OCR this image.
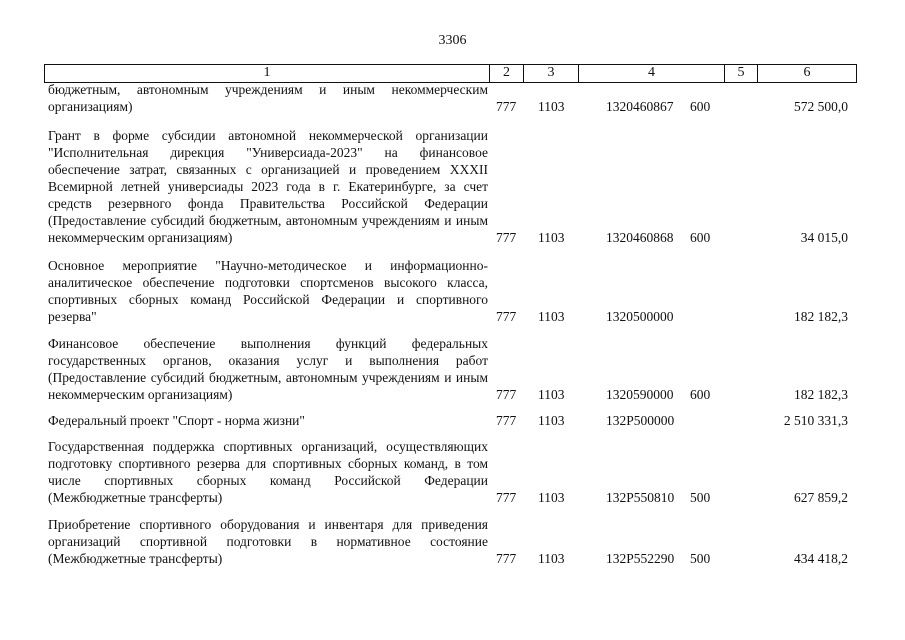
3306
1	2	3	4	5	6
бюджетным, автономным учреждениям и иным некоммерческим организациям)	777 1103	1320460867 600	572 500,0
Грант в форме субсидии автономной некоммерческой организации "Исполнительная дирекция "Универсиада-2023" на финансовое обеспечение затрат, связанных с организацией и проведением XXXII Всемирной летней универсиады 2023 года в г. Екатеринбурге, за счет средств резервного фонда Правительства Российской Федерации (Предоставление субсидий бюджетным, автономным учреждениям и иным некоммерческим организациям)	777 1103	1320460868 600	34 015,0
Основное мероприятие "Научно-методическое и информационно-аналитическое обеспечение подготовки спортсменов высокого класса, спортивных сборных команд Российской Федерации и спортивного резерва"	777 1103	1320500000	182 182,3
Финансовое обеспечение выполнения функций федеральных государственных органов, оказания услуг и выполнения работ (Предоставление субсидий бюджетным, автономным учреждениям и иным некоммерческим организациям)	777 1103	1320590000 600	182 182,3
Федеральный проект "Спорт - норма жизни"	777 1103	132P500000	2 510 331,3
Государственная поддержка спортивных организаций, осуществляющих подготовку спортивного резерва для спортивных сборных команд, в том числе спортивных сборных команд Российской Федерации (Межбюджетные трансферты)	777 1103	132P550810 500	627 859,2
Приобретение спортивного оборудования и инвентаря для приведения организаций спортивной подготовки в нормативное состояние (Межбюджетные трансферты)	777 1103	132P552290 500	434 418,2
